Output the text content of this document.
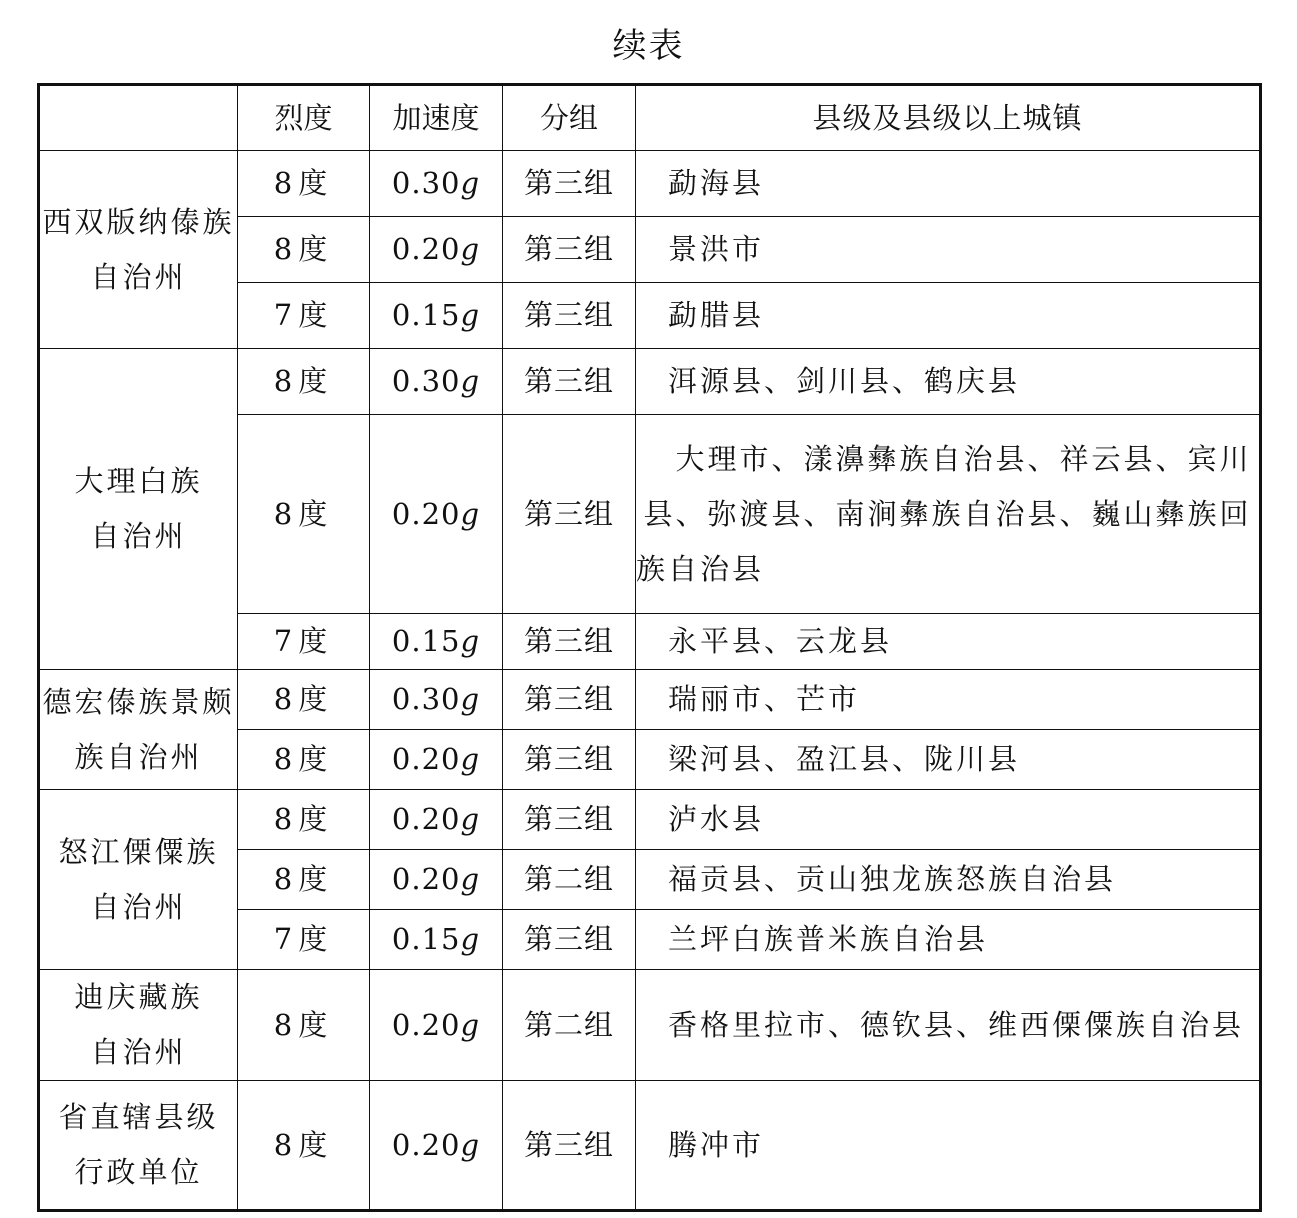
续表
	烈度	加速度	分组	县级及县级以上城镇
西双版纳傣族自治州	8度	0.30g	第三组	勐海县
	8度	0.20g	第三组	景洪市
	7度	0.15g	第三组	勐腊县
大理白族自治州	8度	0.30g	第三组	洱源县、剑川县、鹤庆县
	8度	0.20g	第三组	大理市、漾濞彝族自治县、祥云县、宾川县、弥渡县、南涧彝族自治县、巍山彝族回族自治县
	7度	0.15g	第三组	永平县、云龙县
德宏傣族景颇族自治州	8度	0.30g	第三组	瑞丽市、芒市
	8度	0.20g	第三组	梁河县、盈江县、陇川县
怒江傈僳族自治州	8度	0.20g	第三组	泸水县
	8度	0.20g	第二组	福贡县、贡山独龙族怒族自治县
	7度	0.15g	第三组	兰坪白族普米族自治县
迪庆藏族自治州	8度	0.20g	第二组	香格里拉市、德钦县、维西傈僳族自治县
省直辖县级行政单位	8度	0.20g	第三组	腾冲市
